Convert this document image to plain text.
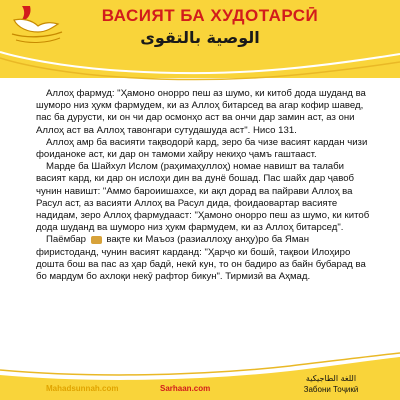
ВАСИЯТ БА ХУДОТАРСӢ
الوصية بالتقوى

Аллоҳ фармуд: "Ҳамоно онорро пеш аз шумо, ки китоб дода шуданд ва шуморо низ ҳукм фармудем, ки аз Аллоҳ битарсед ва агар кофир шавед, пас ба дурусти, ки он чи дар осмонҳо аст ва ончи дар замин аст, аз они Аллоҳ аст ва Аллоҳ тавонгари сутудашуда аст". Нисо 131.

Аллоҳ амр ба васияти тақводорӣ кард, зеро ба чизе васият кардан чизи фоиданоке аст, ки дар он тамоми хайру некиҳо ҷамъ гаштааст.

Марде ба Шайхул Ислом (раҳимаҳуллоҳ) номае навишт ва талаби васият кард, ки дар он ислоҳи дин ва дунё бошад. Пас шайх дар ҷавоб чунин навишт: "Аммо бароиишахсе, ки ақл дорад ва пайрави Аллоҳ ва Расул аст, аз васияти Аллоҳ ва Расул дида, фоидаовартар васияте надидам, зеро Аллоҳ фармудааст: "Ҳамоно онорро пеш аз шумо, ки китоб дода шуданд ва шуморо низ ҳукм фармудем, ки аз Аллоҳ битарсед".

Паёмбар вақте ки Маъоз (разиаллоҳу анҳу)ро ба Яман фиристоданд, чунин васият карданд: "Ҳарҷо ки бошӣ, тақвои Илоҳиро дошта бош ва пас аз ҳар бадӣ, некӣ кун, то он бадиро аз байн бубарад ва бо мардум бо ахлоқи некӯ рафтор бикун". Тирмизӣ ва Аҳмад.

Mahadsunnah.com	Sarhaan.com
اللغة الطاجيكية
Забони Тоҷикӣ
